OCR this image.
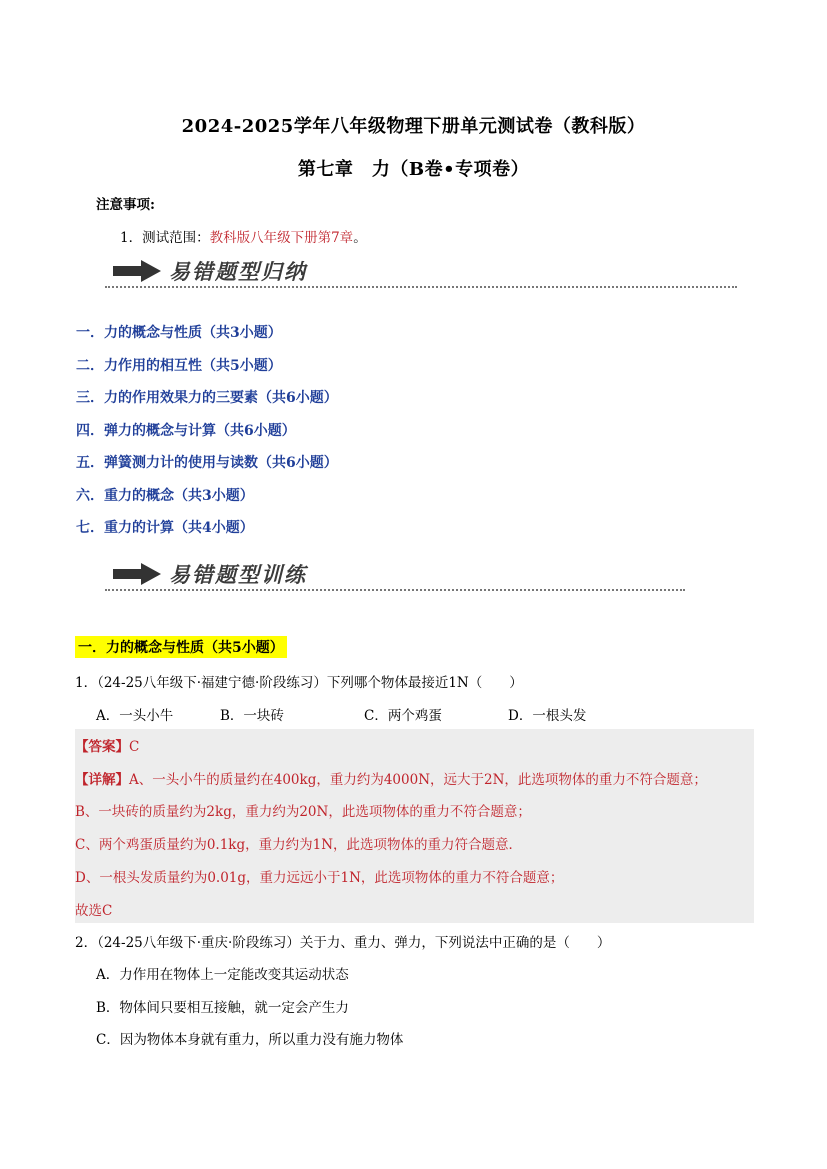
2024-2025学年八年级物理下册单元测试卷（教科版）
第七章　力（B卷•专项卷）
注意事项:
1．测试范围：教科版八年级下册第7章。
易错题型归纳
一．力的概念与性质（共3小题）
二．力作用的相互性（共5小题）
三．力的作用效果力的三要素（共6小题）
四．弹力的概念与计算（共6小题）
五．弹簧测力计的使用与读数（共6小题）
六．重力的概念（共3小题）
七．重力的计算（共4小题）
易错题型训练
一．力的概念与性质（共5小题）
1．（24-25八年级下·福建宁德·阶段练习）下列哪个物体最接近1N（　　）
A．一头小牛	B．一块砖	C．两个鸡蛋	D．一根头发
【答案】C
【详解】A、一头小牛的质量约在400kg，重力约为4000N，远大于2N，此选项物体的重力不符合题意；
B、一块砖的质量约为2kg，重力约为20N，此选项物体的重力不符合题意；
C、两个鸡蛋质量约为0.1kg，重力约为1N，此选项物体的重力符合题意．
D、一根头发质量约为0.01g，重力远远小于1N，此选项物体的重力不符合题意；
故选C
2．（24-25八年级下·重庆·阶段练习）关于力、重力、弹力，下列说法中正确的是（　　）
A．力作用在物体上一定能改变其运动状态
B．物体间只要相互接触，就一定会产生力
C．因为物体本身就有重力，所以重力没有施力物体
